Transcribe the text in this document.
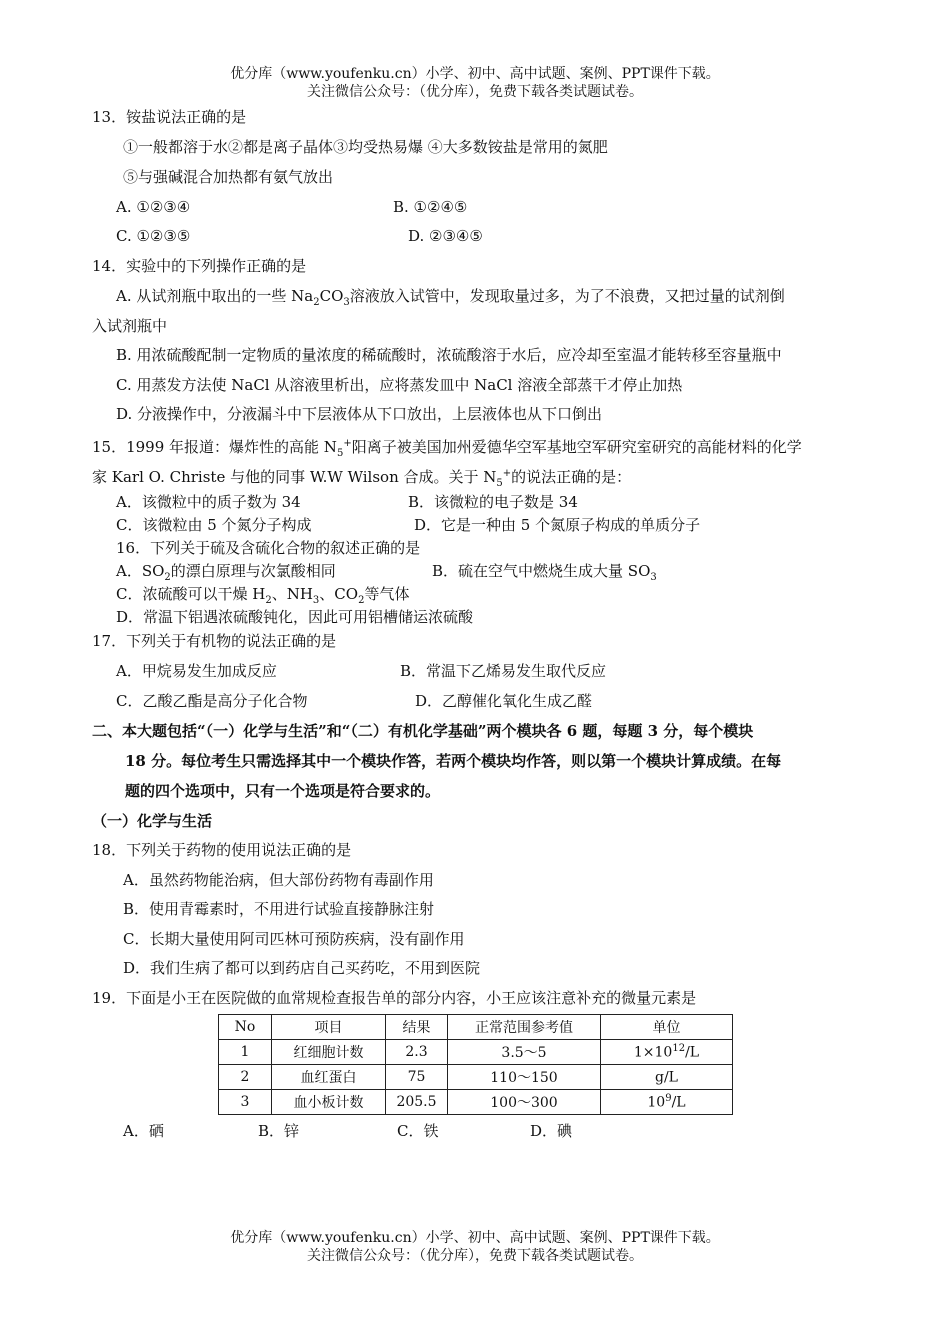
优分库（www.youfenku.cn）小学、初中、高中试题、案例、PPT课件下载。
关注微信公众号：（优分库），免费下载各类试题试卷。
13．铵盐说法正确的是
①一般都溶于水②都是离子晶体③均受热易爆 ④大多数铵盐是常用的氮肥
⑤与强碱混合加热都有氨气放出
A. ①②③④	B. ①②④⑤
C. ①②③⑤	D. ②③④⑤
14．实验中的下列操作正确的是
A. 从试剂瓶中取出的一些 $Na_2CO_3$溶液放入试管中，发现取量过多，为了不浪费，又把过量的试剂倒
入试剂瓶中
B. 用浓硫酸配制一定物质的量浓度的稀硫酸时，浓硫酸溶于水后，应冷却至室温才能转移至容量瓶中
C. 用蒸发方法使 NaCl 从溶液里析出，应将蒸发皿中 NaCl 溶液全部蒸干才停止加热
D. 分液操作中，分液漏斗中下层液体从下口放出，上层液体也从下口倒出
15．1999 年报道：爆炸性的高能 $N_5^+$阳离子被美国加州爱德华空军基地空军研究室研究的高能材料的化学
家 Karl O. Christe 与他的同事 W.W Wilson 合成。关于 $N_5^+$的说法正确的是：
A．该微粒中的质子数为 34	B．该微粒的电子数是 34
C．该微粒由 5 个氮分子构成	D．它是一种由 5 个氮原子构成的单质分子
16．下列关于硫及含硫化合物的叙述正确的是
A．$SO_2$的漂白原理与次氯酸相同	B．硫在空气中燃烧生成大量 $SO_3$
C．浓硫酸可以干燥 $H_2$、$NH_3$、$CO_2$等气体
D．常温下铝遇浓硫酸钝化，因此可用铝槽储运浓硫酸
17．下列关于有机物的说法正确的是
A．甲烷易发生加成反应	B．常温下乙烯易发生取代反应
C．乙酸乙酯是高分子化合物	D．乙醇催化氧化生成乙醛
二、本大题包括“（一）化学与生活”和“（二）有机化学基础”两个模块各 6 题，每题 3 分，每个模块
18 分。每位考生只需选择其中一个模块作答，若两个模块均作答，则以第一个模块计算成绩。在每
题的四个选项中，只有一个选项是符合要求的。
（一）化学与生活
18．下列关于药物的使用说法正确的是
A．虽然药物能治病，但大部份药物有毒副作用
B．使用青霉素时，不用进行试验直接静脉注射
C．长期大量使用阿司匹林可预防疾病，没有副作用
D．我们生病了都可以到药店自己买药吃，不用到医院
19．下面是小王在医院做的血常规检查报告单的部分内容，小王应该注意补充的微量元素是
No	项目	结果	正常范围参考值	单位
1	红细胞计数	2.3	3.5～5	$1\times 10^{12}/L$
2	血红蛋白	75	110～150	g/L
3	血小板计数	205.5	100～300	$10^9/L$
A．硒	B．锌	C．铁	D．碘
优分库（www.youfenku.cn）小学、初中、高中试题、案例、PPT课件下载。
关注微信公众号：（优分库），免费下载各类试题试卷。
